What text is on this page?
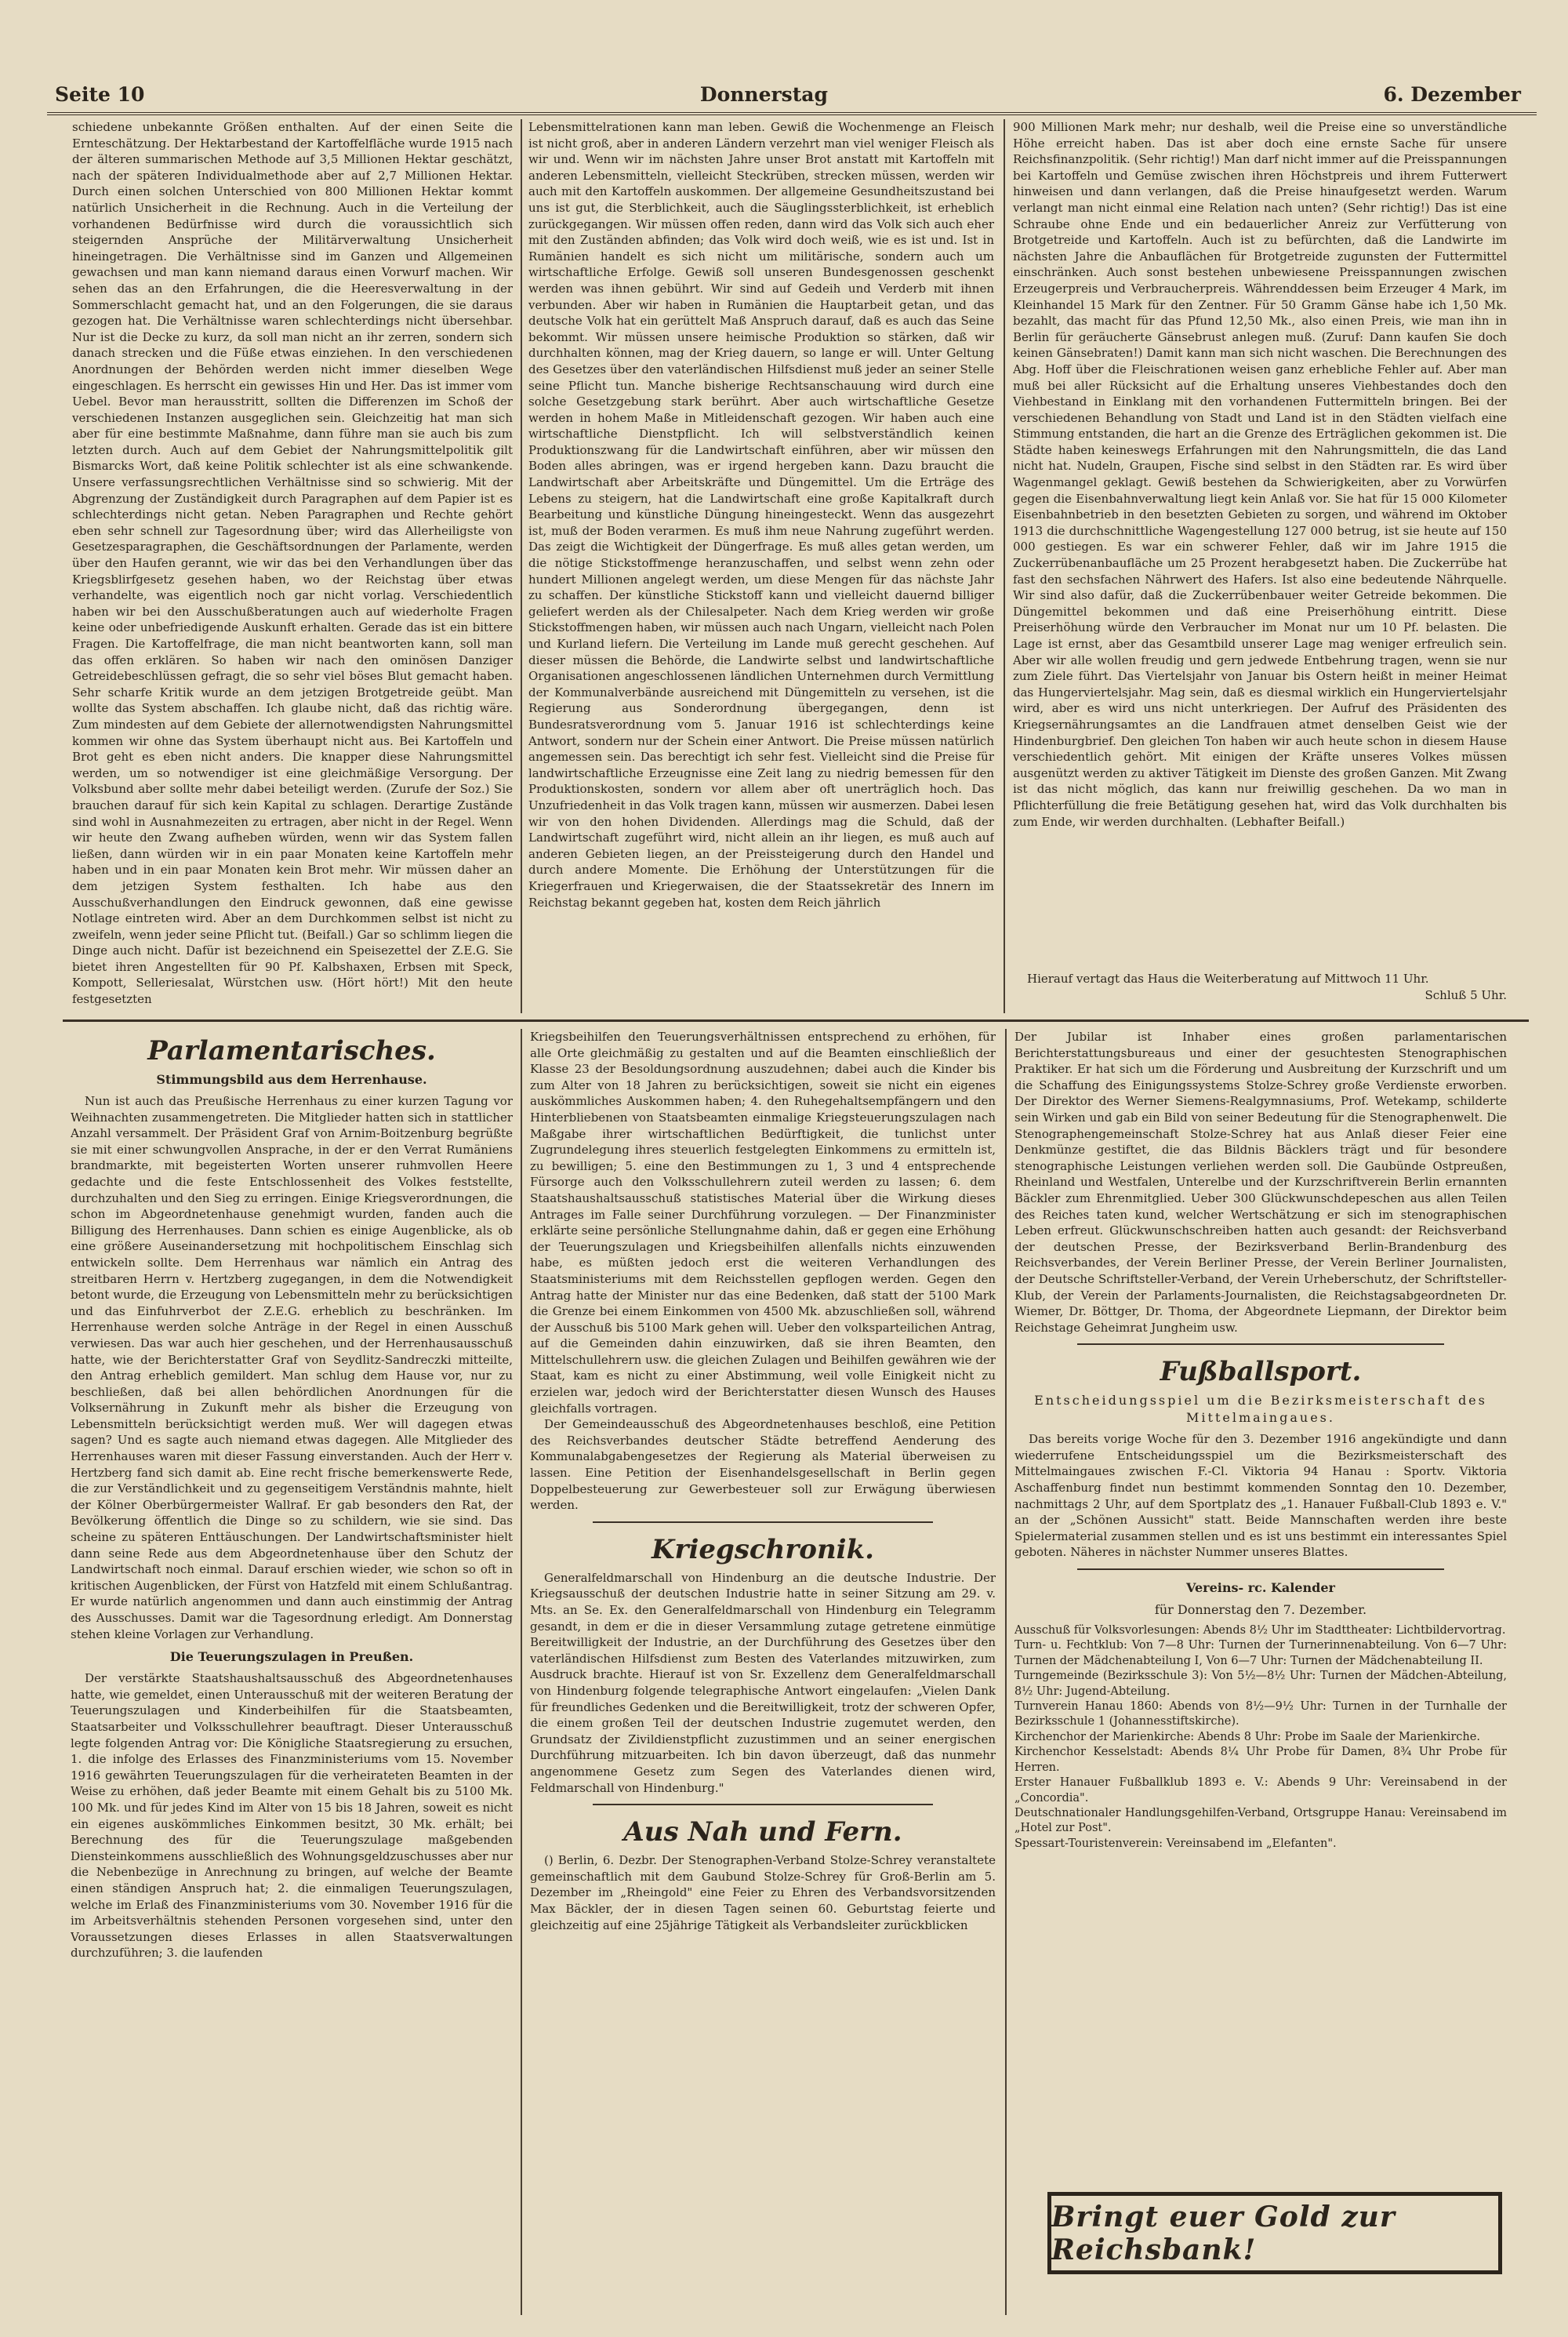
Seite 10	Donnerstag	6. Dezember

schiedene unbekannte Größen enthalten. Auf der einen Seite die Ernteschätzung. Der Hektarbestand der Kartoffelfläche wurde 1915 nach der älteren summarischen Methode auf 3,5 Millionen Hektar geschätzt, nach der späteren Individualmethode aber auf 2,7 Millionen Hektar. Durch einen solchen Unterschied von 800 Millionen Hektar kommt natürlich Unsicherheit in die Rechnung. Auch in die Verteilung der vorhandenen Bedürfnisse wird durch die voraussichtlich sich steigernden Ansprüche der Militärverwaltung Unsicherheit hineingetragen. Die Verhältnisse sind im Ganzen und Allgemeinen gewachsen und man kann niemand daraus einen Vorwurf machen. Wir sehen das an den Erfahrungen, die die Heeresverwaltung in der Sommerschlacht gemacht hat, und an den Folgerungen, die sie daraus gezogen hat. Die Verhältnisse waren schlechterdings nicht übersehbar. Nur ist die Decke zu kurz, da soll man nicht an ihr zerren, sondern sich danach strecken und die Füße etwas einziehen. In den verschiedenen Anordnungen der Behörden werden nicht immer dieselben Wege eingeschlagen. Es herrscht ein gewisses Hin und Her. Das ist immer vom Uebel. Bevor man herausstritt, sollten die Differenzen im Schoß der verschiedenen Instanzen ausgeglichen sein. Gleichzeitig hat man sich aber für eine bestimmte Maßnahme, dann führe man sie auch bis zum letzten durch. Auch auf dem Gebiet der Nahrungsmittelpolitik gilt Bismarcks Wort, daß keine Politik schlechter ist als eine schwankende. Unsere verfassungsrechtlichen Verhältnisse sind so schwierig. Mit der Abgrenzung der Zuständigkeit durch Paragraphen auf dem Papier ist es schlechterdings nicht getan. Neben Paragraphen und Rechte gehört eben sehr schnell zur Tagesordnung über; wird das Allerheiligste von Gesetzesparagraphen, die Geschäftsordnungen der Parlamente, werden über den Haufen gerannt, wie wir das bei den Verhandlungen über das Kriegsblirfgesetz gesehen haben, wo der Reichstag über etwas verhandelte, was eigentlich noch gar nicht vorlag. Verschiedentlich haben wir bei den Ausschußberatungen auch auf wiederholte Fragen keine oder unbefriedigende Auskunft erhalten. Gerade das ist ein bittere Fragen. Die Kartoffelfrage, die man nicht beantworten kann, soll man das offen erklären. So haben wir nach den ominösen Danziger Getreidebeschlüssen gefragt, die so sehr viel böses Blut gemacht haben. Sehr scharfe Kritik wurde an dem jetzigen Brotgetreide geübt. Man wollte das System abschaffen. Ich glaube nicht, daß das richtig wäre. Zum mindesten auf dem Gebiete der allernotwendigsten Nahrungsmittel kommen wir ohne das System überhaupt nicht aus. Bei Kartoffeln und Brot geht es eben nicht anders. Die knapper diese Nahrungsmittel werden, um so notwendiger ist eine gleichmäßige Versorgung. Der Volksbund aber sollte mehr dabei beteiligt werden. (Zurufe der Soz.) Sie brauchen darauf für sich kein Kapital zu schlagen. Derartige Zustände sind wohl in Ausnahmezeiten zu ertragen, aber nicht in der Regel. Wenn wir heute den Zwang aufheben würden, wenn wir das System fallen ließen, dann würden wir in ein paar Monaten keine Kartoffeln mehr haben und in ein paar Monaten kein Brot mehr. Wir müssen daher an dem jetzigen System festhalten. Ich habe aus den Ausschußverhandlungen den Eindruck gewonnen, daß eine gewisse Notlage eintreten wird. Aber an dem Durchkommen selbst ist nicht zu zweifeln, wenn jeder seine Pflicht tut. (Beifall.) Gar so schlimm liegen die Dinge auch nicht. Dafür ist bezeichnend ein Speisezettel der Z.E.G. Sie bietet ihren Angestellten für 90 Pf. Kalbshaxen, Erbsen mit Speck, Kompott, Selleriesalat, Würstchen usw. (Hört hört!) Mit den heute festgesetzten

Lebensmittelrationen kann man leben. Gewiß die Wochenmenge an Fleisch ist nicht groß, aber in anderen Ländern verzehrt man viel weniger Fleisch als wir und. Wenn wir im nächsten Jahre unser Brot anstatt mit Kartoffeln mit anderen Lebensmitteln, vielleicht Steckrüben, strecken müssen, werden wir auch mit den Kartoffeln auskommen. Der allgemeine Gesundheitszustand bei uns ist gut, die Sterblichkeit, auch die Säuglingssterblichkeit, ist erheblich zurückgegangen. Wir müssen offen reden, dann wird das Volk sich auch eher mit den Zuständen abfinden; das Volk wird doch weiß, wie es ist und. Ist in Rumänien handelt es sich nicht um militärische, sondern auch um wirtschaftliche Erfolge. Gewiß soll unseren Bundesgenossen geschenkt werden was ihnen gebührt. Wir sind auf Gedeih und Verderb mit ihnen verbunden. Aber wir haben in Rumänien die Hauptarbeit getan, und das deutsche Volk hat ein gerüttelt Maß Anspruch darauf, daß es auch das Seine bekommt. Wir müssen unsere heimische Produktion so stärken, daß wir durchhalten können, mag der Krieg dauern, so lange er will. Unter Geltung des Gesetzes über den vaterländischen Hilfsdienst muß jeder an seiner Stelle seine Pflicht tun. Manche bisherige Rechtsanschauung wird durch eine solche Gesetzgebung stark berührt. Aber auch wirtschaftliche Gesetze werden in hohem Maße in Mitleidenschaft gezogen. Wir haben auch eine wirtschaftliche Dienstpflicht. Ich will selbstverständlich keinen Produktionszwang für die Landwirtschaft einführen, aber wir müssen den Boden alles abringen, was er irgend hergeben kann. Dazu braucht die Landwirtschaft aber Arbeitskräfte und Düngemittel. Um die Erträge des Lebens zu steigern, hat die Landwirtschaft eine große Kapitalkraft durch Bearbeitung und künstliche Düngung hineingesteckt. Wenn das ausgezehrt ist, muß der Boden verarmen. Es muß ihm neue Nahrung zugeführt werden. Das zeigt die Wichtigkeit der Düngerfrage. Es muß alles getan werden, um die nötige Stickstoffmenge heranzuschaffen, und selbst wenn zehn oder hundert Millionen angelegt werden, um diese Mengen für das nächste Jahr zu schaffen. Der künstliche Stickstoff kann und vielleicht dauernd billiger geliefert werden als der Chilesalpeter. Nach dem Krieg werden wir große Stickstoffmengen haben, wir müssen auch nach Ungarn, vielleicht nach Polen und Kurland liefern. Die Verteilung im Lande muß gerecht geschehen. Auf dieser müssen die Behörde, die Landwirte selbst und landwirtschaftliche Organisationen angeschlossenen ländlichen Unternehmen durch Vermittlung der Kommunalverbände ausreichend mit Düngemitteln zu versehen, ist die Regierung aus Sonderordnung übergegangen, denn ist Bundesratsverordnung vom 5. Januar 1916 ist schlechterdings keine Antwort, sondern nur der Schein einer Antwort. Die Preise müssen natürlich angemessen sein. Das berechtigt ich sehr fest. Vielleicht sind die Preise für landwirtschaftliche Erzeugnisse eine Zeit lang zu niedrig bemessen für den Produktionskosten, sondern vor allem aber oft unerträglich hoch. Das Unzufriedenheit in das Volk tragen kann, müssen wir ausmerzen. Dabei lesen wir von den hohen Dividenden. Allerdings mag die Schuld, daß der Landwirtschaft zugeführt wird, nicht allein an ihr liegen, es muß auch auf anderen Gebieten liegen, an der Preissteigerung durch den Handel und durch andere Momente. Die Erhöhung der Unterstützungen für die Kriegerfrauen und Kriegerwaisen, die der Staatssekretär des Innern im Reichstag bekannt gegeben hat, kosten dem Reich jährlich

900 Millionen Mark mehr; nur deshalb, weil die Preise eine so unverständliche Höhe erreicht haben. Das ist aber doch eine ernste Sache für unsere Reichsfinanzpolitik. (Sehr richtig!) Man darf nicht immer auf die Preisspannungen bei Kartoffeln und Gemüse zwischen ihren Höchstpreis und ihrem Futterwert hinweisen und dann verlangen, daß die Preise hinaufgesetzt werden. Warum verlangt man nicht einmal eine Relation nach unten? (Sehr richtig!) Das ist eine Schraube ohne Ende und ein bedauerlicher Anreiz zur Verfütterung von Brotgetreide und Kartoffeln. Auch ist zu befürchten, daß die Landwirte im nächsten Jahre die Anbauflächen für Brotgetreide zugunsten der Futtermittel einschränken. Auch sonst bestehen unbewiesene Preisspannungen zwischen Erzeugerpreis und Verbraucherpreis. Währenddessen beim Erzeuger 4 Mark, im Kleinhandel 15 Mark für den Zentner. Für 50 Gramm Gänse habe ich 1,50 Mk. bezahlt, das macht für das Pfund 12,50 Mk., also einen Preis, wie man ihn in Berlin für geräucherte Gänsebrust anlegen muß. (Zuruf: Dann kaufen Sie doch keinen Gänsebraten!) Damit kann man sich nicht waschen. Die Berechnungen des Abg. Hoff über die Fleischrationen weisen ganz erhebliche Fehler auf. Aber man muß bei aller Rücksicht auf die Erhaltung unseres Viehbestandes doch den Viehbestand in Einklang mit den vorhandenen Futtermitteln bringen. Bei der verschiedenen Behandlung von Stadt und Land ist in den Städten vielfach eine Stimmung entstanden, die hart an die Grenze des Erträglichen gekommen ist. Die Städte haben keineswegs Erfahrungen mit den Nahrungsmitteln, die das Land nicht hat. Nudeln, Graupen, Fische sind selbst in den Städten rar. Es wird über Wagenmangel geklagt. Gewiß bestehen da Schwierigkeiten, aber zu Vorwürfen gegen die Eisenbahnverwaltung liegt kein Anlaß vor. Sie hat für 15 000 Kilometer Eisenbahnbetrieb in den besetzten Gebieten zu sorgen, und während im Oktober 1913 die durchschnittliche Wagengestellung 127 000 betrug, ist sie heute auf 150 000 gestiegen. Es war ein schwerer Fehler, daß wir im Jahre 1915 die Zuckerrübenanbaufläche um 25 Prozent herabgesetzt haben. Die Zuckerrübe hat fast den sechsfachen Nährwert des Hafers. Ist also eine bedeutende Nährquelle. Wir sind also dafür, daß die Zuckerrübenbauer weiter Getreide bekommen. Die Düngemittel bekommen und daß eine Preiserhöhung eintritt. Diese Preiserhöhung würde den Verbraucher im Monat nur um 10 Pf. belasten. Die Lage ist ernst, aber das Gesamtbild unserer Lage mag weniger erfreulich sein. Aber wir alle wollen freudig und gern jedwede Entbehrung tragen, wenn sie nur zum Ziele führt. Das Viertelsjahr von Januar bis Ostern heißt in meiner Heimat das Hungerviertelsjahr. Mag sein, daß es diesmal wirklich ein Hungerviertelsjahr wird, aber es wird uns nicht unterkriegen. Der Aufruf des Präsidenten des Kriegsernährungsamtes an die Landfrauen atmet denselben Geist wie der Hindenburgbrief. Den gleichen Ton haben wir auch heute schon in diesem Hause verschiedentlich gehört. Mit einigen der Kräfte unseres Volkes müssen ausgenützt werden zu aktiver Tätigkeit im Dienste des großen Ganzen. Mit Zwang ist das nicht möglich, das kann nur freiwillig geschehen. Da wo man in Pflichterfüllung die freie Betätigung gesehen hat, wird das Volk durchhalten bis zum Ende, wir werden durchhalten. (Lebhafter Beifall.)

Hierauf vertagt das Haus die Weiterberatung auf Mittwoch 11 Uhr.

Schluß 5 Uhr.

Parlamentarisches.
Stimmungsbild aus dem Herrenhause.

Nun ist auch das Preußische Herrenhaus zu einer kurzen Tagung vor Weihnachten zusammengetreten. Die Mitglieder hatten sich in stattlicher Anzahl versammelt. Der Präsident Graf von Arnim-Boitzenburg begrüßte sie mit einer schwungvollen Ansprache, in der er den Verrat Rumäniens brandmarkte, mit begeisterten Worten unserer ruhmvollen Heere gedachte und die feste Entschlossenheit des Volkes feststellte, durchzuhalten und den Sieg zu erringen. Einige Kriegsverordnungen, die schon im Abgeordnetenhause genehmigt wurden, fanden auch die Billigung des Herrenhauses. Dann schien es einige Augenblicke, als ob eine größere Auseinandersetzung mit hochpolitischem Einschlag sich entwickeln sollte. Dem Herrenhaus war nämlich ein Antrag des streitbaren Herrn v. Hertzberg zugegangen, in dem die Notwendigkeit betont wurde, die Erzeugung von Lebensmitteln mehr zu berücksichtigen und das Einfuhrverbot der Z.E.G. erheblich zu beschränken. Im Herrenhause werden solche Anträge in der Regel in einen Ausschuß verwiesen. Das war auch hier geschehen, und der Herrenhausausschuß hatte, wie der Berichterstatter Graf von Seydlitz-Sandreczki mitteilte, den Antrag erheblich gemildert. Man schlug dem Hause vor, nur zu beschließen, daß bei allen behördlichen Anordnungen für die Volksernährung in Zukunft mehr als bisher die Erzeugung von Lebensmitteln berücksichtigt werden muß. Wer will dagegen etwas sagen? Und es sagte auch niemand etwas dagegen. Alle Mitglieder des Herrenhauses waren mit dieser Fassung einverstanden. Auch der Herr v. Hertzberg fand sich damit ab. Eine recht frische bemerkenswerte Rede, die zur Verständlichkeit und zu gegenseitigem Verständnis mahnte, hielt der Kölner Oberbürgermeister Wallraf. Er gab besonders den Rat, der Bevölkerung öffentlich die Dinge so zu schildern, wie sie sind. Das scheine zu späteren Enttäuschungen. Der Landwirtschaftsminister hielt dann seine Rede aus dem Abgeordnetenhause über den Schutz der Landwirtschaft noch einmal. Darauf erschien wieder, wie schon so oft in kritischen Augenblicken, der Fürst von Hatzfeld mit einem Schlußantrag. Er wurde natürlich angenommen und dann auch einstimmig der Antrag des Ausschusses. Damit war die Tagesordnung erledigt. Am Donnerstag stehen kleine Vorlagen zur Verhandlung.

Die Teuerungszulagen in Preußen.

Der verstärkte Staatshaushaltsausschuß des Abgeordnetenhauses hatte, wie gemeldet, einen Unterausschuß mit der weiteren Beratung der Teuerungszulagen und Kinderbeihilfen für die Staatsbeamten, Staatsarbeiter und Volksschullehrer beauftragt. Dieser Unterausschuß legte folgenden Antrag vor: Die Königliche Staatsregierung zu ersuchen, 1. die infolge des Erlasses des Finanzministeriums vom 15. November 1916 gewährten Teuerungszulagen für die verheirateten Beamten in der Weise zu erhöhen, daß jeder Beamte mit einem Gehalt bis zu 5100 Mk. 100 Mk. und für jedes Kind im Alter von 15 bis 18 Jahren, soweit es nicht ein eigenes auskömmliches Einkommen besitzt, 30 Mk. erhält; bei Berechnung des für die Teuerungszulage maßgebenden Diensteinkommens ausschließlich des Wohnungsgeldzuschusses aber nur die Nebenbezüge in Anrechnung zu bringen, auf welche der Beamte einen ständigen Anspruch hat; 2. die einmaligen Teuerungszulagen, welche im Erlaß des Finanzministeriums vom 30. November 1916 für die im Arbeitsverhältnis stehenden Personen vorgesehen sind, unter den Voraussetzungen dieses Erlasses in allen Staatsverwaltungen durchzuführen; 3. die laufenden

Kriegsbeihilfen den Teuerungsverhältnissen entsprechend zu erhöhen, für alle Orte gleichmäßig zu gestalten und auf die Beamten einschließlich der Klasse 23 der Besoldungsordnung auszudehnen; dabei auch die Kinder bis zum Alter von 18 Jahren zu berücksichtigen, soweit sie nicht ein eigenes auskömmliches Auskommen haben; 4. den Ruhegehaltsempfängern und den Hinterbliebenen von Staatsbeamten einmalige Kriegsteuerungszulagen nach Maßgabe ihrer wirtschaftlichen Bedürftigkeit, die tunlichst unter Zugrundelegung ihres steuerlich festgelegten Einkommens zu ermitteln ist, zu bewilligen; 5. eine den Bestimmungen zu 1, 3 und 4 entsprechende Fürsorge auch den Volksschullehrern zuteil werden zu lassen; 6. dem Staatshaushaltsausschuß statistisches Material über die Wirkung dieses Antrages im Falle seiner Durchführung vorzulegen. — Der Finanzminister erklärte seine persönliche Stellungnahme dahin, daß er gegen eine Erhöhung der Teuerungszulagen und Kriegsbeihilfen allenfalls nichts einzuwenden habe, es müßten jedoch erst die weiteren Verhandlungen des Staatsministeriums mit dem Reichsstellen gepflogen werden. Gegen den Antrag hatte der Minister nur das eine Bedenken, daß statt der 5100 Mark die Grenze bei einem Einkommen von 4500 Mk. abzuschließen soll, während der Ausschuß bis 5100 Mark gehen will. Ueber den volksparteilichen Antrag, auf die Gemeinden dahin einzuwirken, daß sie ihren Beamten, den Mittelschullehrern usw. die gleichen Zulagen und Beihilfen gewähren wie der Staat, kam es nicht zu einer Abstimmung, weil volle Einigkeit nicht zu erzielen war, jedoch wird der Berichterstatter diesen Wunsch des Hauses gleichfalls vortragen.

Der Gemeindeausschuß des Abgeordnetenhauses beschloß, eine Petition des Reichsverbandes deutscher Städte betreffend Aenderung des Kommunalabgabengesetzes der Regierung als Material überweisen zu lassen. Eine Petition der Eisenhandelsgesellschaft in Berlin gegen Doppelbesteuerung zur Gewerbesteuer soll zur Erwägung überwiesen werden.

Kriegschronik.

Generalfeldmarschall von Hindenburg an die deutsche Industrie. Der Kriegsausschuß der deutschen Industrie hatte in seiner Sitzung am 29. v. Mts. an Se. Ex. den Generalfeldmarschall von Hindenburg ein Telegramm gesandt, in dem er die in dieser Versammlung zutage getretene einmütige Bereitwilligkeit der Industrie, an der Durchführung des Gesetzes über den vaterländischen Hilfsdienst zum Besten des Vaterlandes mitzuwirken, zum Ausdruck brachte. Hierauf ist von Sr. Exzellenz dem Generalfeldmarschall von Hindenburg folgende telegraphische Antwort eingelaufen: „Vielen Dank für freundliches Gedenken und die Bereitwilligkeit, trotz der schweren Opfer, die einem großen Teil der deutschen Industrie zugemutet werden, den Grundsatz der Zivildienstpflicht zuzustimmen und an seiner energischen Durchführung mitzuarbeiten. Ich bin davon überzeugt, daß das nunmehr angenommene Gesetz zum Segen des Vaterlandes dienen wird, Feldmarschall von Hindenburg."

Aus Nah und Fern.

() Berlin, 6. Dezbr. Der Stenographen-Verband Stolze-Schrey veranstaltete gemeinschaftlich mit dem Gaubund Stolze-Schrey für Groß-Berlin am 5. Dezember im „Rheingold" eine Feier zu Ehren des Verbandsvorsitzenden Max Bäckler, der in diesen Tagen seinen 60. Geburtstag feierte und gleichzeitig auf eine 25jährige Tätigkeit als Verbandsleiter zurückblicken

Der Jubilar ist Inhaber eines großen parlamentarischen Berichterstattungsbureaus und einer der gesuchtesten Stenographischen Praktiker. Er hat sich um die Förderung und Ausbreitung der Kurzschrift und um die Schaffung des Einigungssystems Stolze-Schrey große Verdienste erworben. Der Direktor des Werner Siemens-Realgymnasiums, Prof. Wetekamp, schilderte sein Wirken und gab ein Bild von seiner Bedeutung für die Stenographenwelt. Die Stenographengemeinschaft Stolze-Schrey hat aus Anlaß dieser Feier eine Denkmünze gestiftet, die das Bildnis Bäcklers trägt und für besondere stenographische Leistungen verliehen werden soll. Die Gaubünde Ostpreußen, Rheinland und Westfalen, Unterelbe und der Kurzschriftverein Berlin ernannten Bäckler zum Ehrenmitglied. Ueber 300 Glückwunschdepeschen aus allen Teilen des Reiches taten kund, welcher Wertschätzung er sich im stenographischen Leben erfreut. Glückwunschschreiben hatten auch gesandt: der Reichsverband der deutschen Presse, der Bezirksverband Berlin-Brandenburg des Reichsverbandes, der Verein Berliner Presse, der Verein Berliner Journalisten, der Deutsche Schriftsteller-Verband, der Verein Urheberschutz, der Schriftsteller-Klub, der Verein der Parlaments-Journalisten, die Reichstagsabgeordneten Dr. Wiemer, Dr. Böttger, Dr. Thoma, der Abgeordnete Liepmann, der Direktor beim Reichstage Geheimrat Jungheim usw.

Fußballsport.
Entscheidungsspiel um die Bezirksmeisterschaft des Mittelmaingaues.

Das bereits vorige Woche für den 3. Dezember 1916 angekündigte und dann wiederrufene Entscheidungsspiel um die Bezirksmeisterschaft des Mittelmaingaues zwischen F.-Cl. Viktoria 94 Hanau : Sportv. Viktoria Aschaffenburg findet nun bestimmt kommenden Sonntag den 10. Dezember, nachmittags 2 Uhr, auf dem Sportplatz des „1. Hanauer Fußball-Club 1893 e. V." an der „Schönen Aussicht" statt. Beide Mannschaften werden ihre beste Spielermaterial zusammen stellen und es ist uns bestimmt ein interessantes Spiel geboten. Näheres in nächster Nummer unseres Blattes.

Vereins- rc. Kalender
für Donnerstag den 7. Dezember.

Ausschuß für Volksvorlesungen: Abends 8½ Uhr im Stadttheater: Lichtbildervortrag.

Turn- u. Fechtklub: Von 7—8 Uhr: Turnen der Turnerinnenabteilung. Von 6—7 Uhr: Turnen der Mädchenabteilung I, Von 6—7 Uhr: Turnen der Mädchenabteilung II.

Turngemeinde (Bezirksschule 3): Von 5½—8½ Uhr: Turnen der Mädchen-Abteilung, 8½ Uhr: Jugend-Abteilung.

Turnverein Hanau 1860: Abends von 8½—9½ Uhr: Turnen in der Turnhalle der Bezirksschule 1 (Johannesstiftskirche).

Kirchenchor der Marienkirche: Abends 8 Uhr: Probe im Saale der Marienkirche.

Kirchenchor Kesselstadt: Abends 8¼ Uhr Probe für Damen, 8¾ Uhr Probe für Herren.

Erster Hanauer Fußballklub 1893 e. V.: Abends 9 Uhr: Vereinsabend in der „Concordia".

Deutschnationaler Handlungsgehilfen-Verband, Ortsgruppe Hanau: Vereinsabend im „Hotel zur Post".

Spessart-Touristenverein: Vereinsabend im „Elefanten".

Bringt euer Gold zur Reichsbank!
